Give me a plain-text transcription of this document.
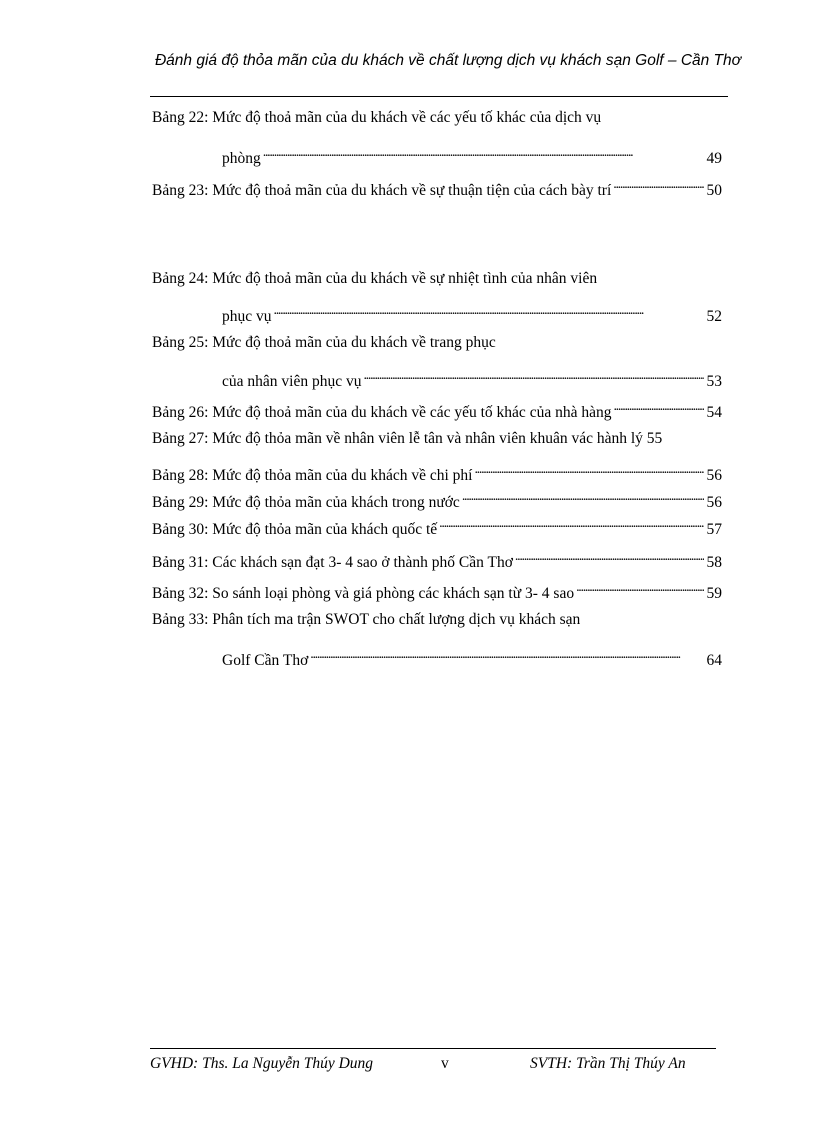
Đánh giá độ thỏa mãn của du khách về chất lượng dịch vụ khách sạn Golf – Cần Thơ
Bảng 22: Mức độ thoả mãn của du khách về các yếu tố khác của dịch vụ
phòng . . .	49
Bảng 23: Mức độ thoả mãn của du khách về sự thuận tiện của cách bày trí . . .	50
Bảng 24: Mức độ thoả mãn của du khách về sự nhiệt tình của nhân viên
phục vụ . . .	52
Bảng 25: Mức độ thoả mãn của du khách về trang phục
của nhân viên phục vụ . . .	53
Bảng 26: Mức độ thoả mãn của du khách về các yếu tố khác của nhà hàng . . .	54
Bảng 27: Mức độ thỏa mãn về nhân viên lễ tân và nhân viên khuân vác hành lý 55
Bảng 28: Mức độ thỏa mãn của du khách về chi phí . . .	56
Bảng 29: Mức độ thỏa mãn của khách trong nước . . .	56
Bảng 30: Mức độ thỏa mãn của khách quốc tế . . .	57
Bảng 31: Các khách sạn đạt 3- 4 sao ở thành phố Cần Thơ . . .	58
Bảng 32: So sánh loại phòng và giá phòng các khách sạn từ 3- 4 sao . . .	59
Bảng 33: Phân tích ma trận SWOT cho chất lượng dịch vụ khách sạn
Golf Cần Thơ . . .	64
GVHD: Ths. La Nguyễn Thúy Dung	v	SVTH: Trần Thị Thúy An
